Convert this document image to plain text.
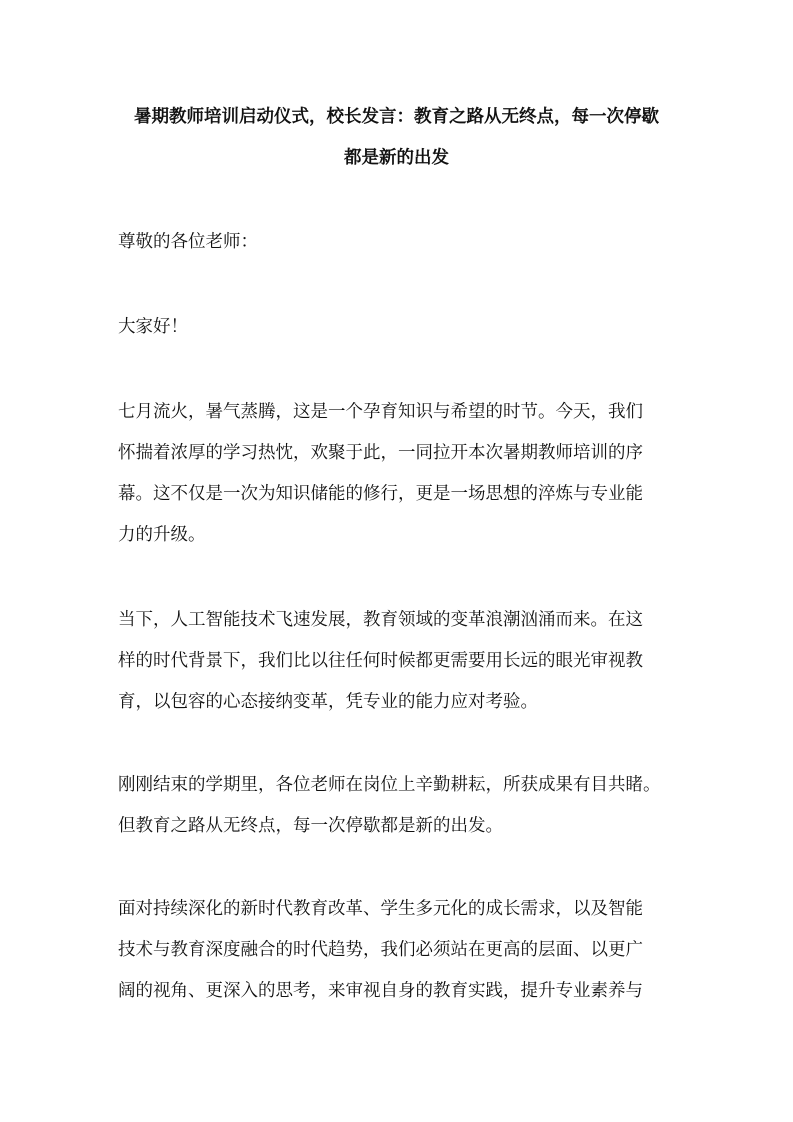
暑期教师培训启动仪式，校长发言：教育之路从无终点，每一次停歇
都是新的出发
尊敬的各位老师：
大家好！

七月流火，暑气蒸腾，这是一个孕育知识与希望的时节。今天，我们
怀揣着浓厚的学习热忱，欢聚于此，一同拉开本次暑期教师培训的序
幕。这不仅是一次为知识储能的修行，更是一场思想的淬炼与专业能
力的升级。

当下，人工智能技术飞速发展，教育领域的变革浪潮汹涌而来。在这
样的时代背景下，我们比以往任何时候都更需要用长远的眼光审视教
育，以包容的心态接纳变革，凭专业的能力应对考验。

刚刚结束的学期里，各位老师在岗位上辛勤耕耘，所获成果有目共睹。
但教育之路从无终点，每一次停歇都是新的出发。

面对持续深化的新时代教育改革、学生多元化的成长需求，以及智能
技术与教育深度融合的时代趋势，我们必须站在更高的层面、以更广
阔的视角、更深入的思考，来审视自身的教育实践，提升专业素养与
